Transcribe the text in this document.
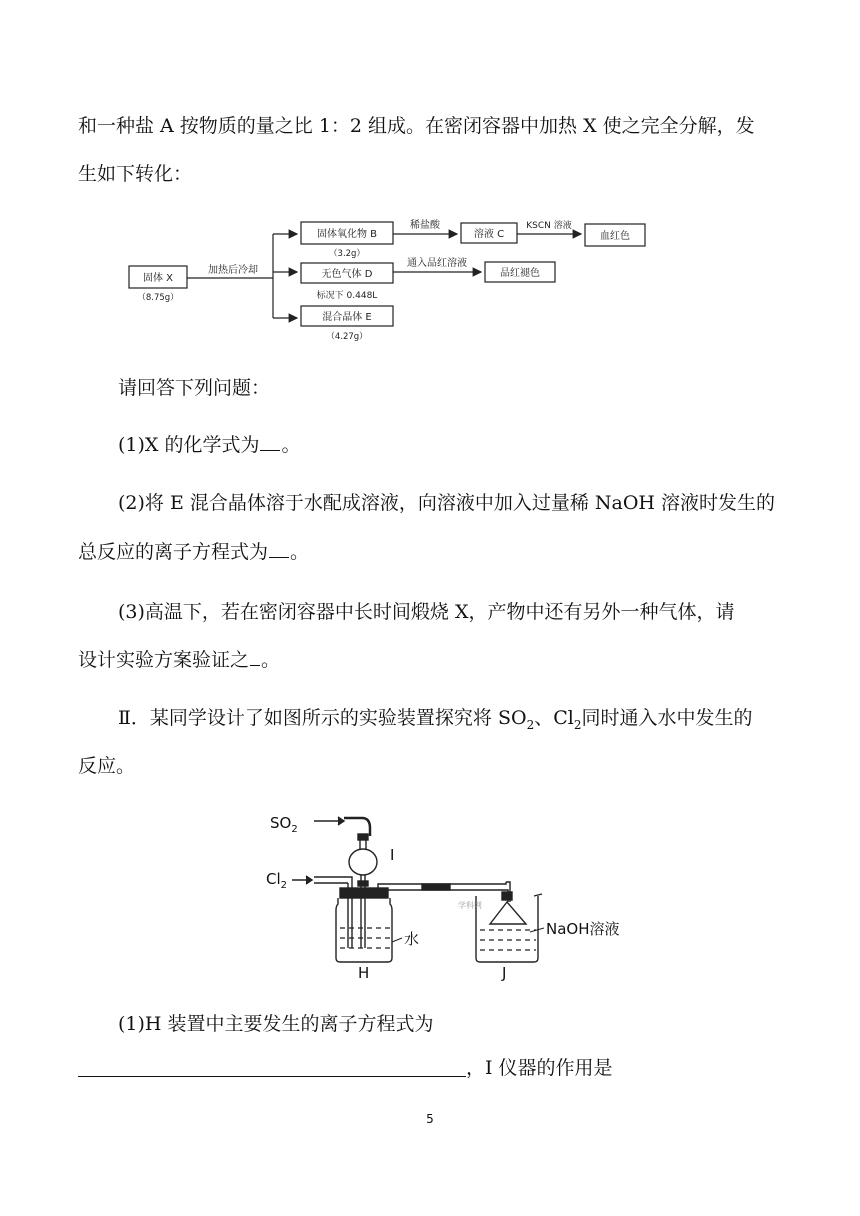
和一种盐 A 按物质的量之比 1：2 组成。在密闭容器中加热 X 使之完全分解，发
生如下转化：
固体 X
（8.75g）
加热后冷却
固体氧化物 B
（3.2g）
稀盐酸
溶液 C
KSCN 溶液
血红色
无色气体 D
标况下 0.448L
通入品红溶液
品红褪色
混合晶体 E
（4.27g）
请回答下列问题：
(1)X 的化学式为 。
(2)将 E 混合晶体溶于水配成溶液，向溶液中加入过量稀 NaOH 溶液时发生的
总反应的离子方程式为 。
(3)高温下，若在密闭容器中长时间煅烧 X，产物中还有另外一种气体，请
设计实验方案验证之 。
Ⅱ．某同学设计了如图所示的实验装置探究将 $SO_2$、$Cl_2$同时通入水中发生的
反应。
$SO_2$
$Cl_2$
I
水
H
NaOH溶液
J
学科网
(1)H 装置中主要发生的离子方程式为
，I 仪器的作用是
5
